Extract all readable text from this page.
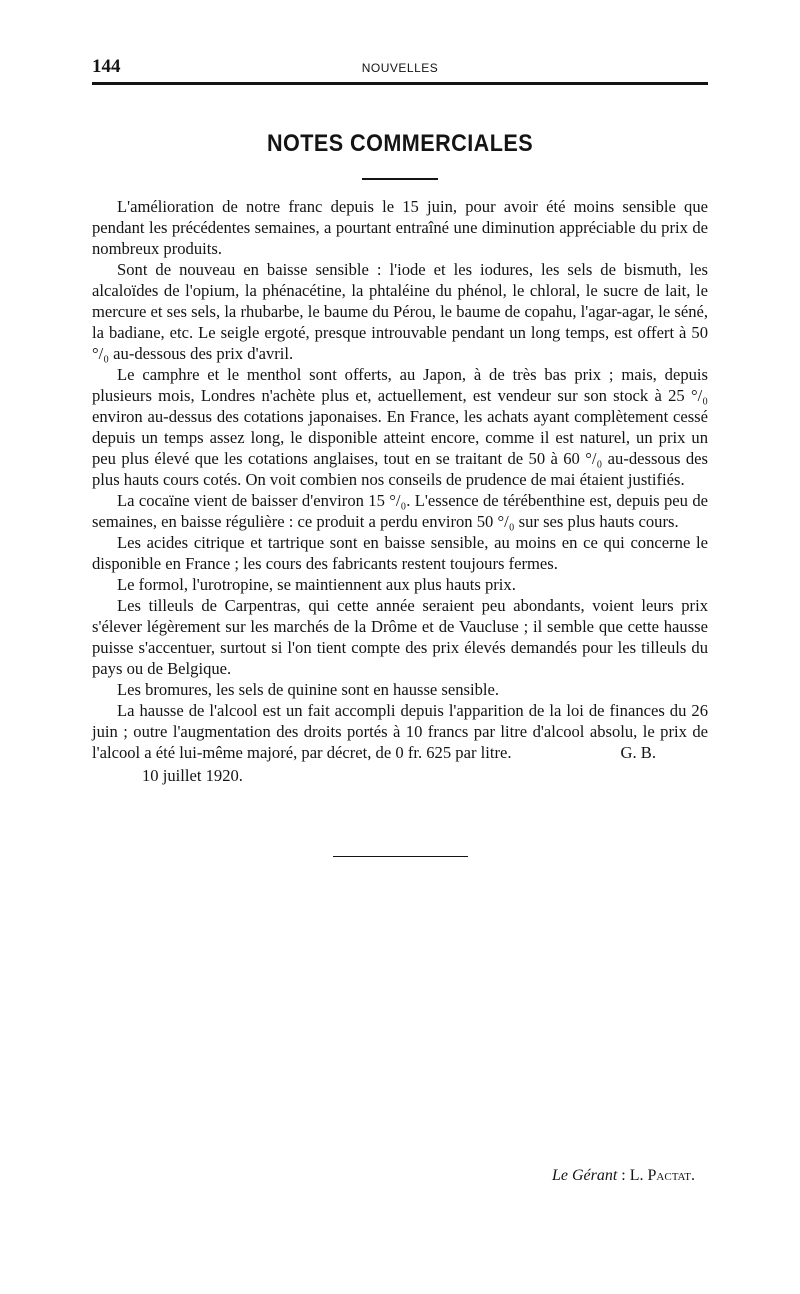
144	NOUVELLES
NOTES COMMERCIALES

L'amélioration de notre franc depuis le 15 juin, pour avoir été moins sensible que pendant les précédentes semaines, a pourtant entraîné une diminution appréciable du prix de nombreux produits.

Sont de nouveau en baisse sensible : l'iode et les iodures, les sels de bismuth, les alcaloïdes de l'opium, la phénacétine, la phtaléine du phénol, le chloral, le sucre de lait, le mercure et ses sels, la rhubarbe, le baume du Pérou, le baume de copahu, l'agar-agar, le séné, la badiane, etc. Le seigle ergoté, presque introuvable pendant un long temps, est offert à 50 °/₀ au-dessous des prix d'avril.

Le camphre et le menthol sont offerts, au Japon, à de très bas prix ; mais, depuis plusieurs mois, Londres n'achète plus et, actuellement, est vendeur sur son stock à 25 °/₀ environ au-dessus des cotations japonaises. En France, les achats ayant complètement cessé depuis un temps assez long, le disponible atteint encore, comme il est naturel, un prix un peu plus élevé que les cotations anglaises, tout en se traitant de 50 à 60 °/₀ au-dessous des plus hauts cours cotés. On voit combien nos conseils de prudence de mai étaient justifiés.

La cocaïne vient de baisser d'environ 15 °/₀. L'essence de térébenthine est, depuis peu de semaines, en baisse régulière : ce produit a perdu environ 50 °/₀ sur ses plus hauts cours.

Les acides citrique et tartrique sont en baisse sensible, au moins en ce qui concerne le disponible en France ; les cours des fabricants restent toujours fermes.

Le formol, l'urotropine, se maintiennent aux plus hauts prix.

Les tilleuls de Carpentras, qui cette année seraient peu abondants, voient leurs prix s'élever légèrement sur les marchés de la Drôme et de Vaucluse ; il semble que cette hausse puisse s'accentuer, surtout si l'on tient compte des prix élevés demandés pour les tilleuls du pays ou de Belgique.

Les bromures, les sels de quinine sont en hausse sensible.

La hausse de l'alcool est un fait accompli depuis l'apparition de la loi de finances du 26 juin ; outre l'augmentation des droits portés à 10 francs par litre d'alcool absolu, le prix de l'alcool a été lui-même majoré, par décret, de 0 fr. 625 par litre.	G. B.

10 juillet 1920.
Le Gérant : L. Pactat.
